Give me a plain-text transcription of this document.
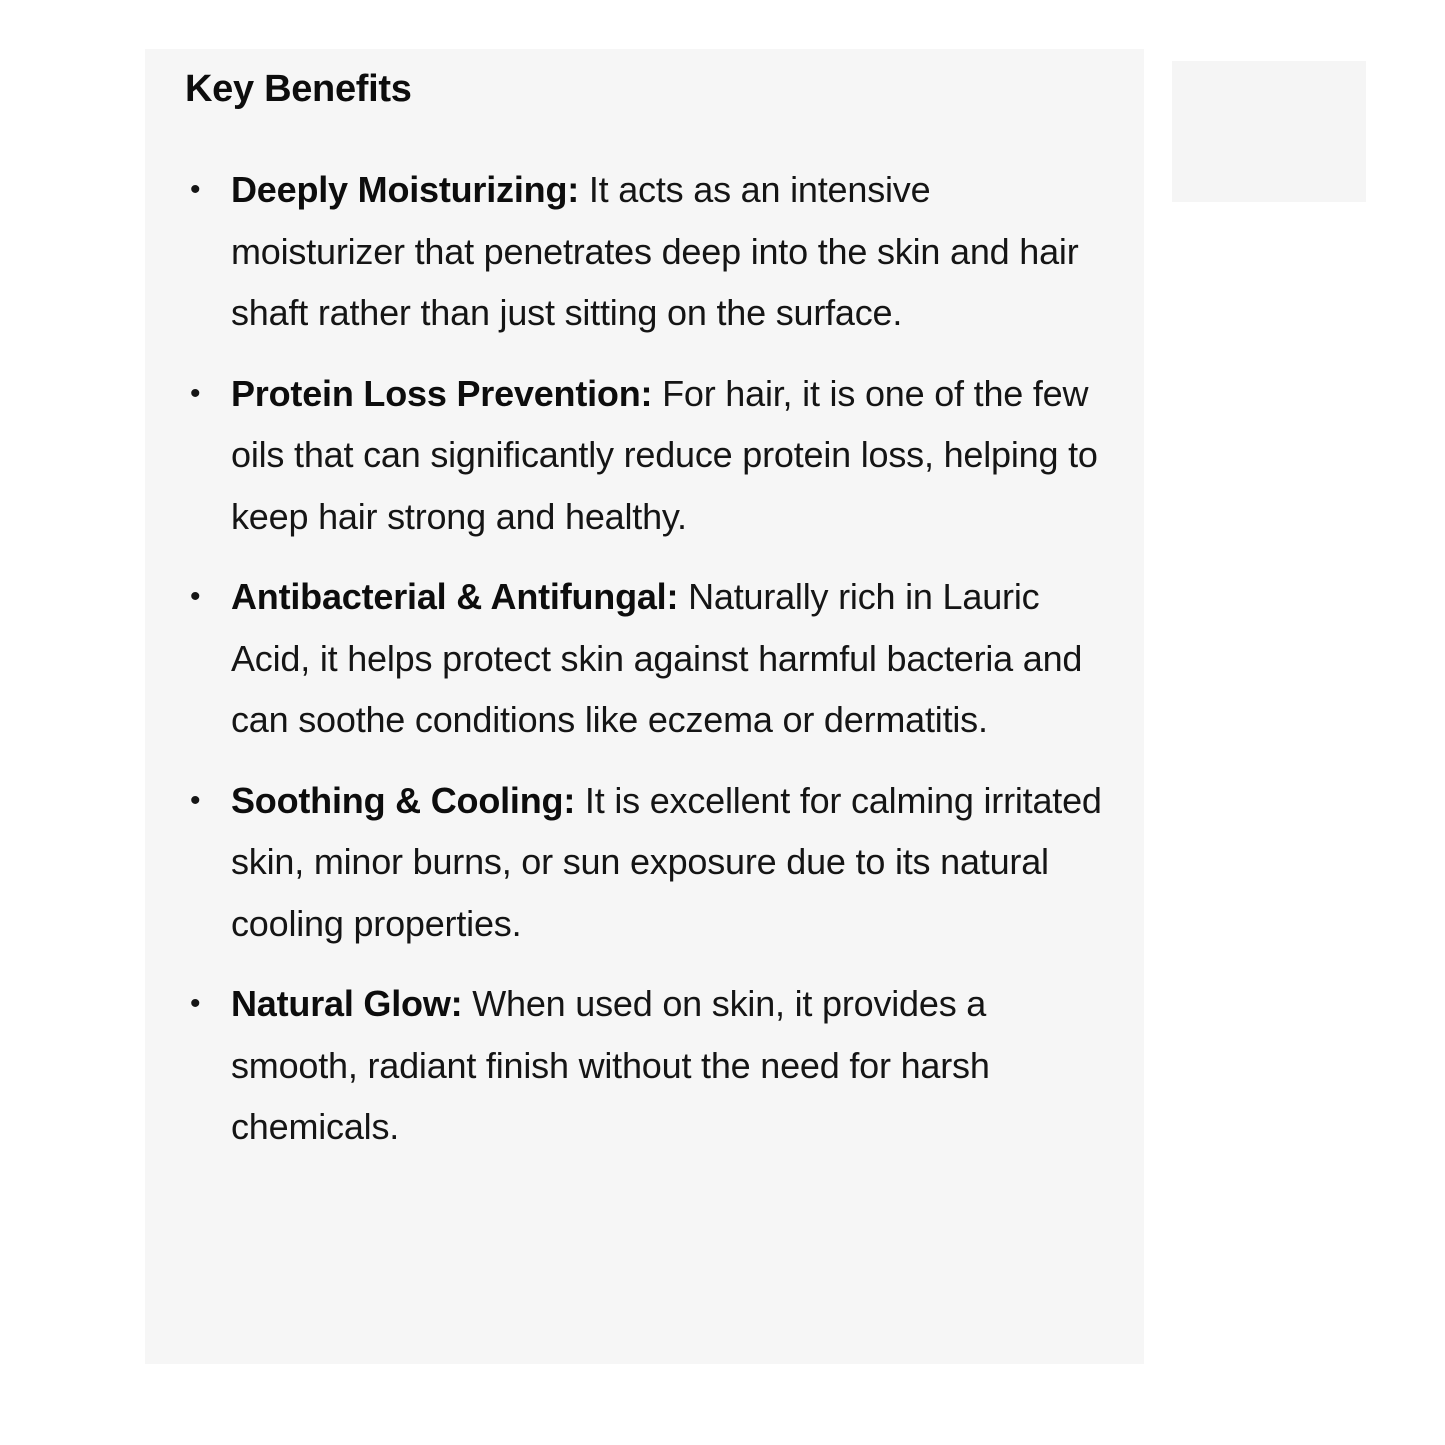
Key Benefits
• Deeply Moisturizing: It acts as an intensive moisturizer that penetrates deep into the skin and hair shaft rather than just sitting on the surface.
• Protein Loss Prevention: For hair, it is one of the few oils that can significantly reduce protein loss, helping to keep hair strong and healthy.
• Antibacterial & Antifungal: Naturally rich in Lauric Acid, it helps protect skin against harmful bacteria and can soothe conditions like eczema or dermatitis.
• Soothing & Cooling: It is excellent for calming irritated skin, minor burns, or sun exposure due to its natural cooling properties.
• Natural Glow: When used on skin, it provides a smooth, radiant finish without the need for harsh chemicals.
